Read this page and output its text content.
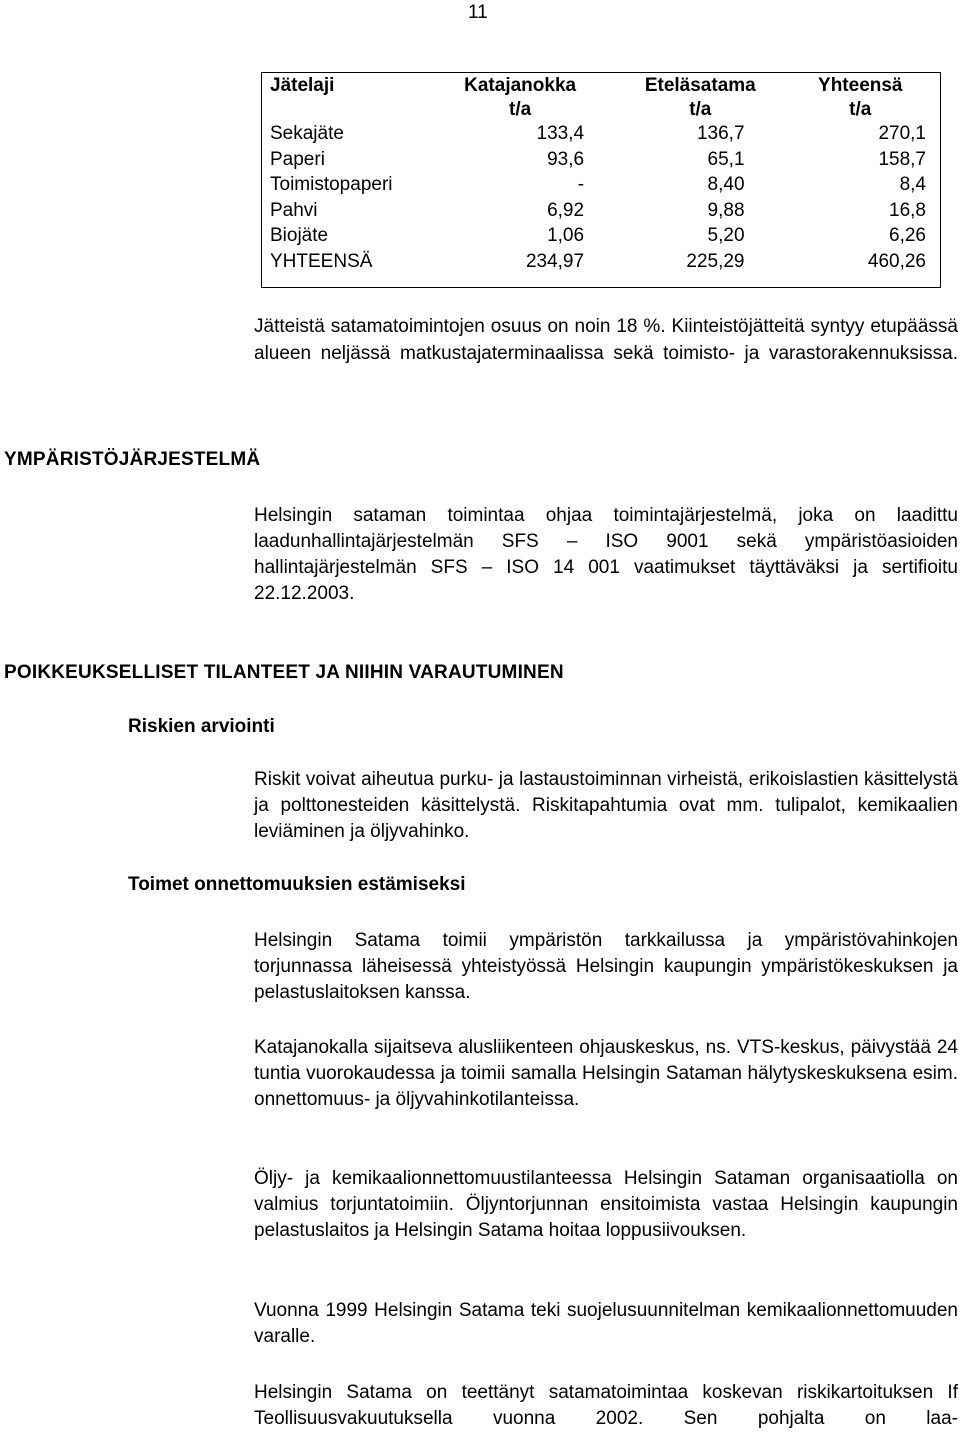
11
Jätelaji	Katajanokka	Eteläsatama	Yhteensä
	t/a	t/a	t/a
Sekajäte	133,4	136,7	270,1
Paperi	93,6	65,1	158,7
Toimistopaperi	-	8,40	8,4
Pahvi	6,92	9,88	16,8
Biojäte	1,06	5,20	6,26
YHTEENSÄ	234,97	225,29	460,26
Jätteistä satamatoimintojen osuus on noin 18 %. Kiinteistöjätteitä syntyy etupäässä alueen neljässä matkustajaterminaalissa sekä toimisto- ja varastorakennuksissa.
YMPÄRISTÖJÄRJESTELMÄ
Helsingin sataman toimintaa ohjaa toimintajärjestelmä, joka on laadittu laadunhallintajärjestelmän SFS – ISO 9001 sekä ympäristöasioiden hallintajärjestelmän SFS – ISO 14 001 vaatimukset täyttäväksi ja sertifioitu 22.12.2003.
POIKKEUKSELLISET TILANTEET JA NIIHIN VARAUTUMINEN
Riskien arviointi
Riskit voivat aiheutua purku- ja lastaustoiminnan virheistä, erikoislastien käsittelystä ja polttonesteiden käsittelystä. Riskitapahtumia ovat mm. tulipalot, kemikaalien leviäminen ja öljyvahinko.
Toimet onnettomuuksien estämiseksi
Helsingin Satama toimii ympäristön tarkkailussa ja ympäristövahinkojen torjunnassa läheisessä yhteistyössä Helsingin kaupungin ympäristökeskuksen ja pelastuslaitoksen kanssa.
Katajanokalla sijaitseva alusliikenteen ohjauskeskus, ns. VTS-keskus, päivystää 24 tuntia vuorokaudessa ja toimii samalla Helsingin Sataman hälytyskeskuksena esim. onnettomuus- ja öljyvahinkotilanteissa.
Öljy- ja kemikaalionnettomuustilanteessa Helsingin Sataman organisaatiolla on valmius torjuntatoimiin. Öljyntorjunnan ensitoimista vastaa Helsingin kaupungin pelastuslaitos ja Helsingin Satama hoitaa loppusiivouksen.
Vuonna 1999 Helsingin Satama teki suojelusuunnitelman kemikaalionnettomuuden varalle.
Helsingin Satama on teettänyt satamatoimintaa koskevan riskikartoituksen If Teollisuusvakuutuksella vuonna 2002. Sen pohjalta on laa-
